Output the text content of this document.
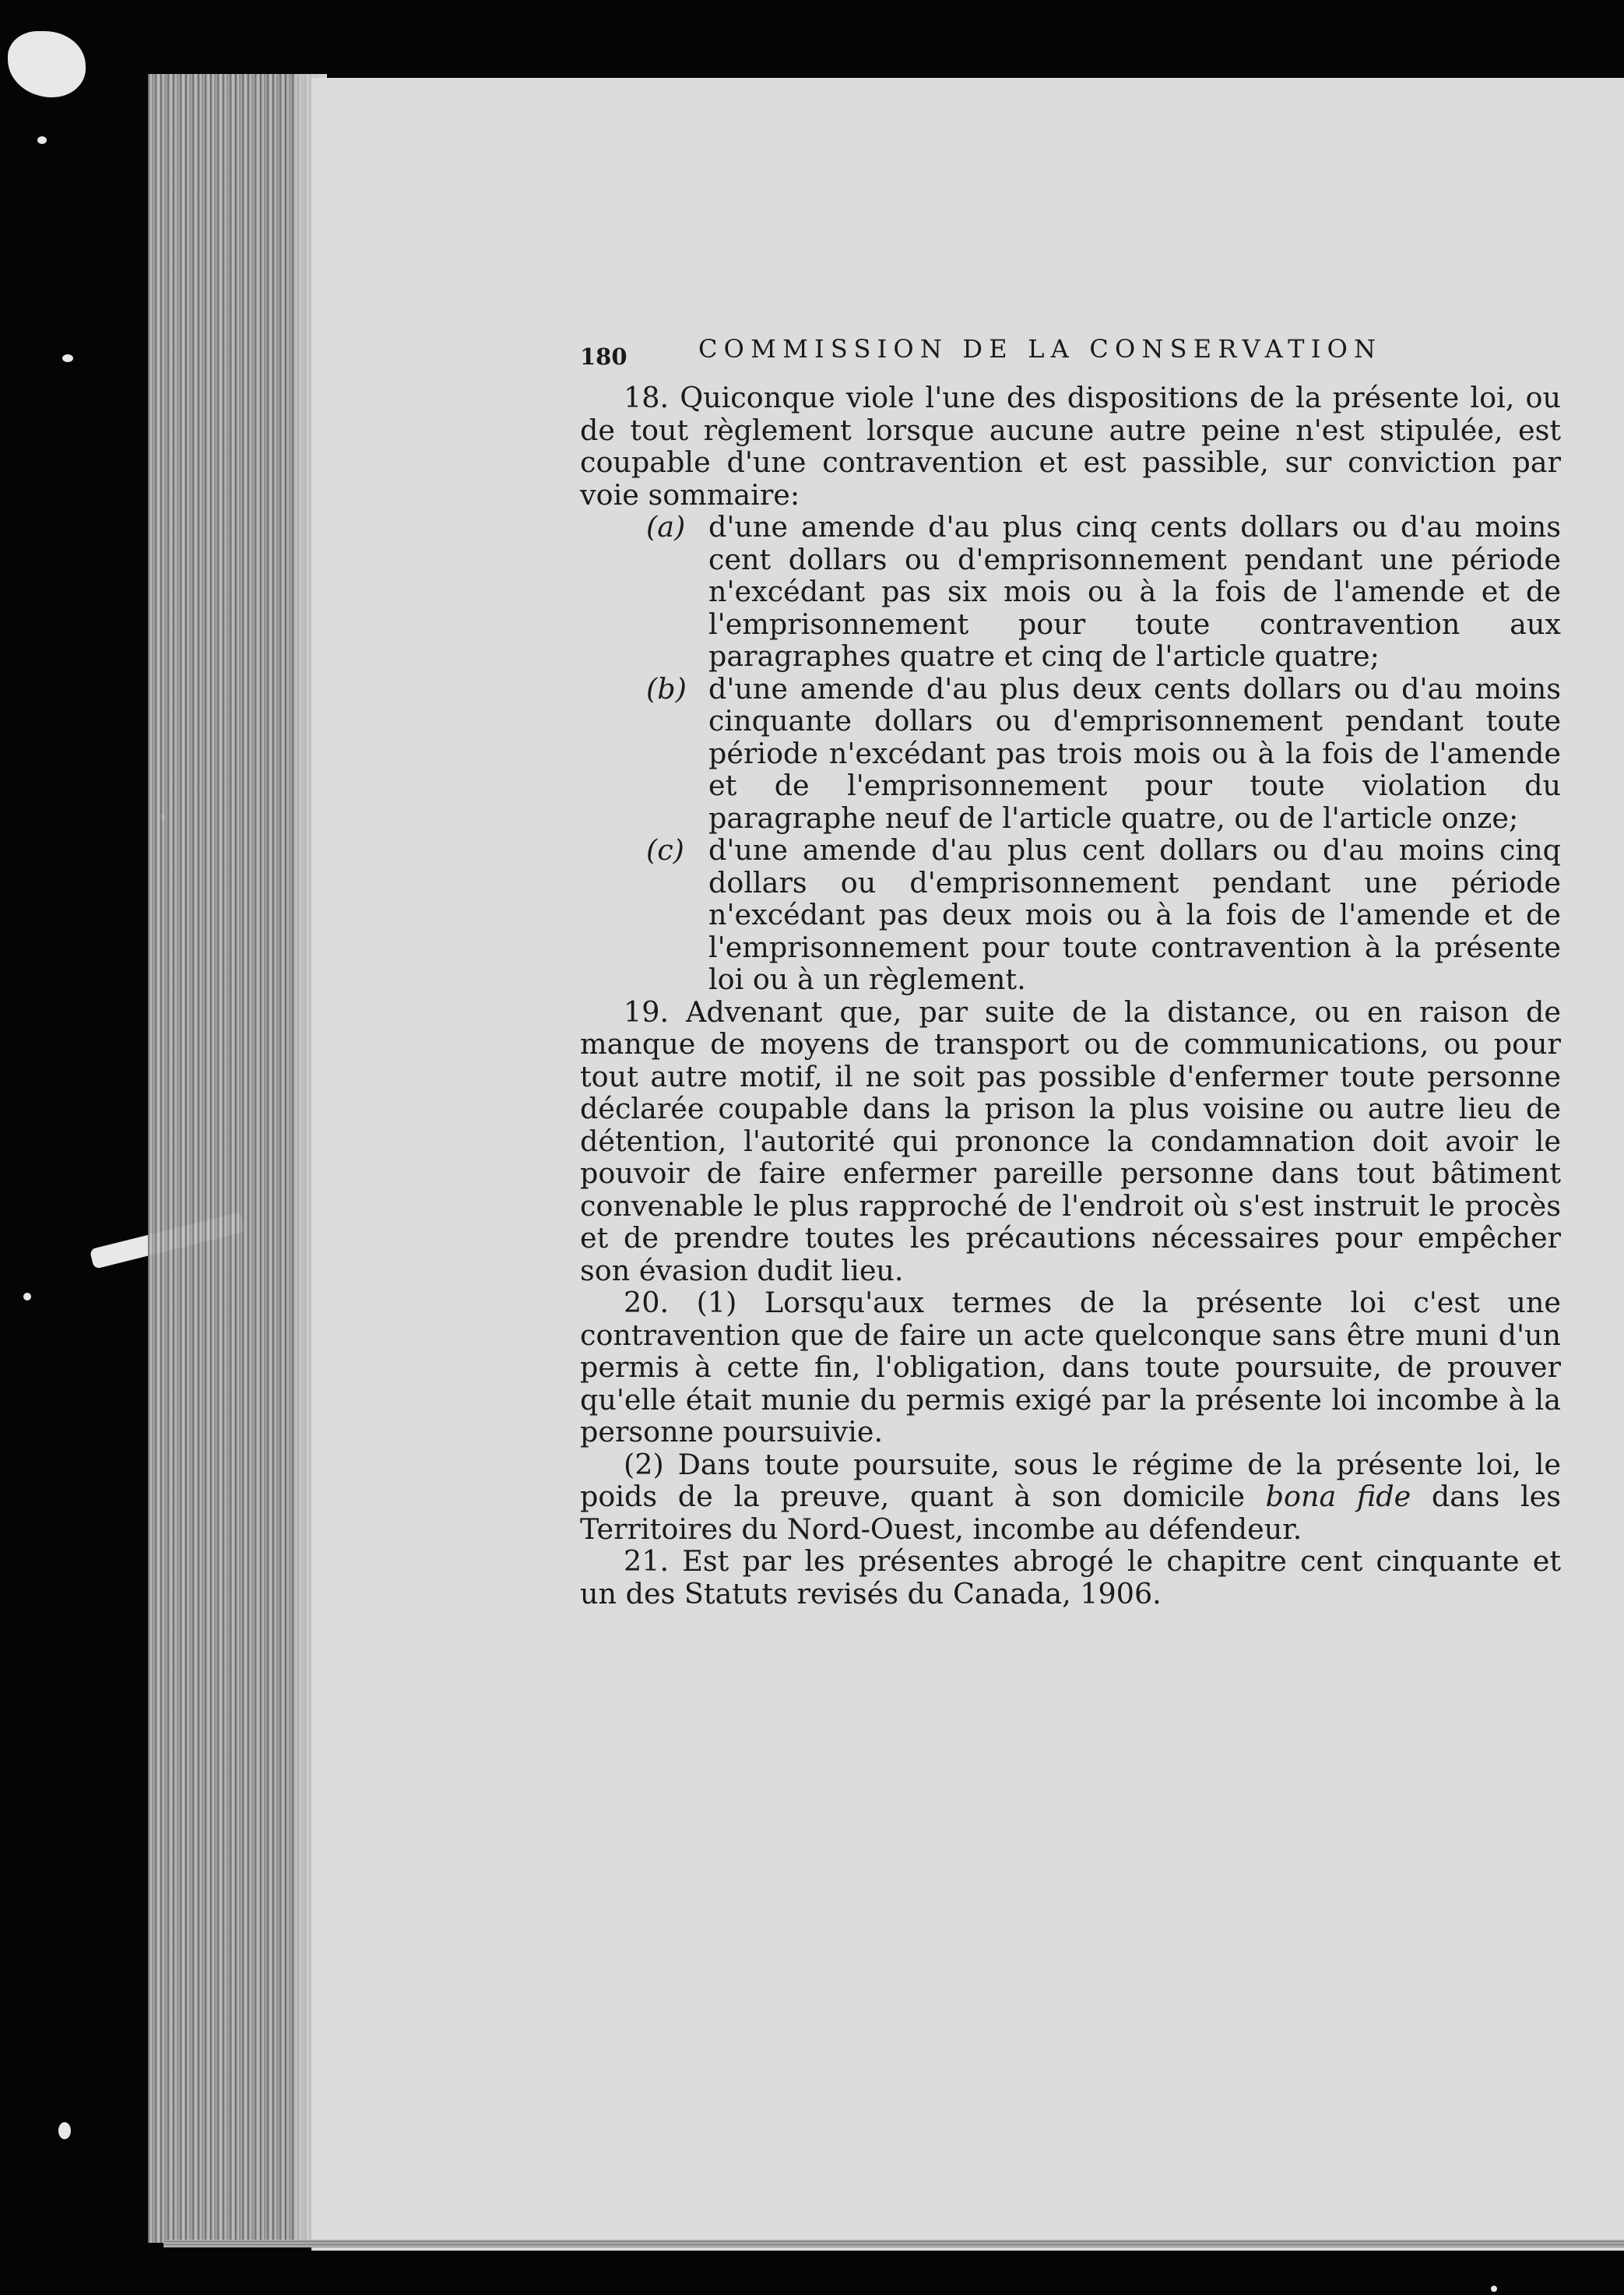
180	COMMISSION DE LA CONSERVATION

18. Quiconque viole l'une des dispositions de la présente loi, ou de tout règlement lorsque aucune autre peine n'est stipulée, est coupable d'une contravention et est passible, sur conviction par voie sommaire:

(a) d'une amende d'au plus cinq cents dollars ou d'au moins cent dollars ou d'emprisonnement pendant une période n'excédant pas six mois ou à la fois de l'amende et de l'emprisonnement pour toute contravention aux paragraphes quatre et cinq de l'article quatre;
(b) d'une amende d'au plus deux cents dollars ou d'au moins cinquante dollars ou d'emprisonnement pendant toute période n'excédant pas trois mois ou à la fois de l'amende et de l'emprisonnement pour toute violation du paragraphe neuf de l'article quatre, ou de l'article onze;
(c) d'une amende d'au plus cent dollars ou d'au moins cinq dollars ou d'emprisonnement pendant une période n'excédant pas deux mois ou à la fois de l'amende et de l'emprisonnement pour toute contravention à la présente loi ou à un règlement.

19. Advenant que, par suite de la distance, ou en raison de manque de moyens de transport ou de communications, ou pour tout autre motif, il ne soit pas possible d'enfermer toute personne déclarée coupable dans la prison la plus voisine ou autre lieu de détention, l'autorité qui prononce la condamnation doit avoir le pouvoir de faire enfermer pareille personne dans tout bâtiment convenable le plus rapproché de l'endroit où s'est instruit le procès et de prendre toutes les précautions nécessaires pour empêcher son évasion dudit lieu.

20. (1) Lorsqu'aux termes de la présente loi c'est une contravention que de faire un acte quelconque sans être muni d'un permis à cette fin, l'obligation, dans toute poursuite, de prouver qu'elle était munie du permis exigé par la présente loi incombe à la personne poursuivie.

(2) Dans toute poursuite, sous le régime de la présente loi, le poids de la preuve, quant à son domicile bona fide dans les Territoires du Nord-Ouest, incombe au défendeur.

21. Est par les présentes abrogé le chapitre cent cinquante et un des Statuts revisés du Canada, 1906.
